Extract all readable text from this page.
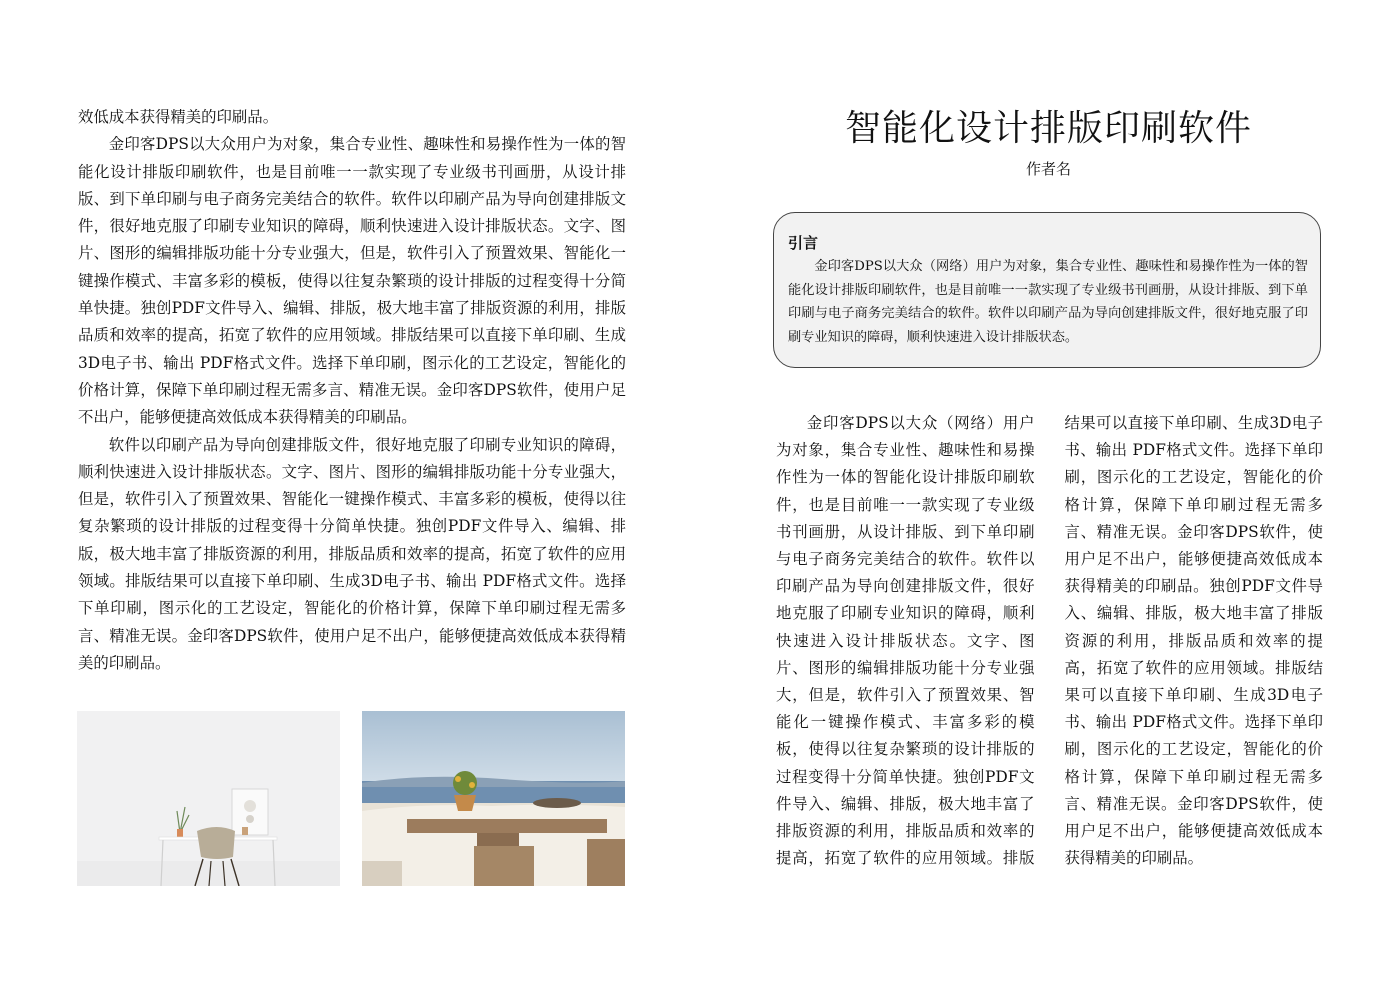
效低成本获得精美的印刷品。

金印客DPS以大众用户为对象，集合专业性、趣味性和易操作性为一体的智能化设计排版印刷软件，也是目前唯一一款实现了专业级书刊画册，从设计排版、到下单印刷与电子商务完美结合的软件。软件以印刷产品为导向创建排版文件，很好地克服了印刷专业知识的障碍，顺利快速进入设计排版状态。文字、图片、图形的编辑排版功能十分专业强大，但是，软件引入了预置效果、智能化一键操作模式、丰富多彩的模板，使得以往复杂繁琐的设计排版的过程变得十分简单快捷。独创PDF文件导入、编辑、排版，极大地丰富了排版资源的利用，排版品质和效率的提高，拓宽了软件的应用领域。排版结果可以直接下单印刷、生成3D电子书、输出 PDF格式文件。选择下单印刷，图示化的工艺设定，智能化的价格计算，保障下单印刷过程无需多言、精准无误。金印客DPS软件，使用户足不出户，能够便捷高效低成本获得精美的印刷品。

软件以印刷产品为导向创建排版文件，很好地克服了印刷专业知识的障碍，顺利快速进入设计排版状态。文字、图片、图形的编辑排版功能十分专业强大，但是，软件引入了预置效果、智能化一键操作模式、丰富多彩的模板，使得以往复杂繁琐的设计排版的过程变得十分简单快捷。独创PDF文件导入、编辑、排版，极大地丰富了排版资源的利用，排版品质和效率的提高，拓宽了软件的应用领域。排版结果可以直接下单印刷、生成3D电子书、输出 PDF格式文件。选择下单印刷，图示化的工艺设定，智能化的价格计算，保障下单印刷过程无需多言、精准无误。金印客DPS软件，使用户足不出户，能够便捷高效低成本获得精美的印刷品。

智能化设计排版印刷软件
作者名
引言

金印客DPS以大众（网络）用户为对象，集合专业性、趣味性和易操作性为一体的智能化设计排版印刷软件，也是目前唯一一款实现了专业级书刊画册，从设计排版、到下单印刷与电子商务完美结合的软件。软件以印刷产品为导向创建排版文件，很好地克服了印刷专业知识的障碍，顺利快速进入设计排版状态。

金印客DPS以大众（网络）用户为对象，集合专业性、趣味性和易操作性为一体的智能化设计排版印刷软件，也是目前唯一一款实现了专业级书刊画册，从设计排版、到下单印刷与电子商务完美结合的软件。软件以印刷产品为导向创建排版文件，很好地克服了印刷专业知识的障碍，顺利快速进入设计排版状态。文字、图片、图形的编辑排版功能十分专业强大，但是，软件引入了预置效果、智能化一键操作模式、丰富多彩的模板，使得以往复杂繁琐的设计排版的过程变得十分简单快捷。独创PDF文件导入、编辑、排版，极大地丰富了排版资源的利用，排版品质和效率的提高，拓宽了软件的应用领域。排版结果可以直接下单印刷、生成3D电子书、输出 PDF格式文件。选择下单印刷，图示化的工艺设定，智能化的价格计算，保障下单印刷过程无需多言、精准无误。金印客DPS软件，使用户足不出户，能够便捷高效低成本获得精美的印刷品。独创PDF文件导入、编辑、排版，极大地丰富了排版资源的利用，排版品质和效率的提高，拓宽了软件的应用领域。排版结果可以直接下单印刷、生成3D电子书、输出 PDF格式文件。选择下单印刷，图示化的工艺设定，智能化的价格计算，保障下单印刷过程无需多言、精准无误。金印客DPS软件，使用户足不出户，能够便捷高效低成本获得精美的印刷品。
